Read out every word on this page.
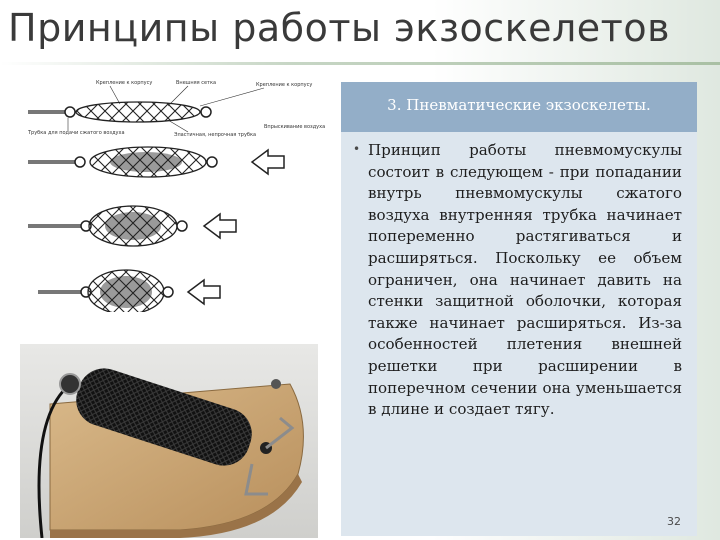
Принципы работы экзоскелетов
Крепление к корпусу	Внешняя сетка	Крепление к корпусу
Трубка для подачи сжатого воздуха	Эластичная, непрочная трубка
Впрыскивание воздуха
3. Пневматические экзоскелеты.
• Принцип работы пневмомускулы состоит в следующем - при попадании внутрь пневмомускулы сжатого воздуха внутренняя трубка начинает попеременно растягиваться и расширяться. Поскольку ее объем ограничен, она начинает давить на стенки защитной оболочки, которая также начинает расширяться. Из-за особенностей плетения внешней решетки при расширении в поперечном сечении она уменьшается в длине и создает тягу.
32
